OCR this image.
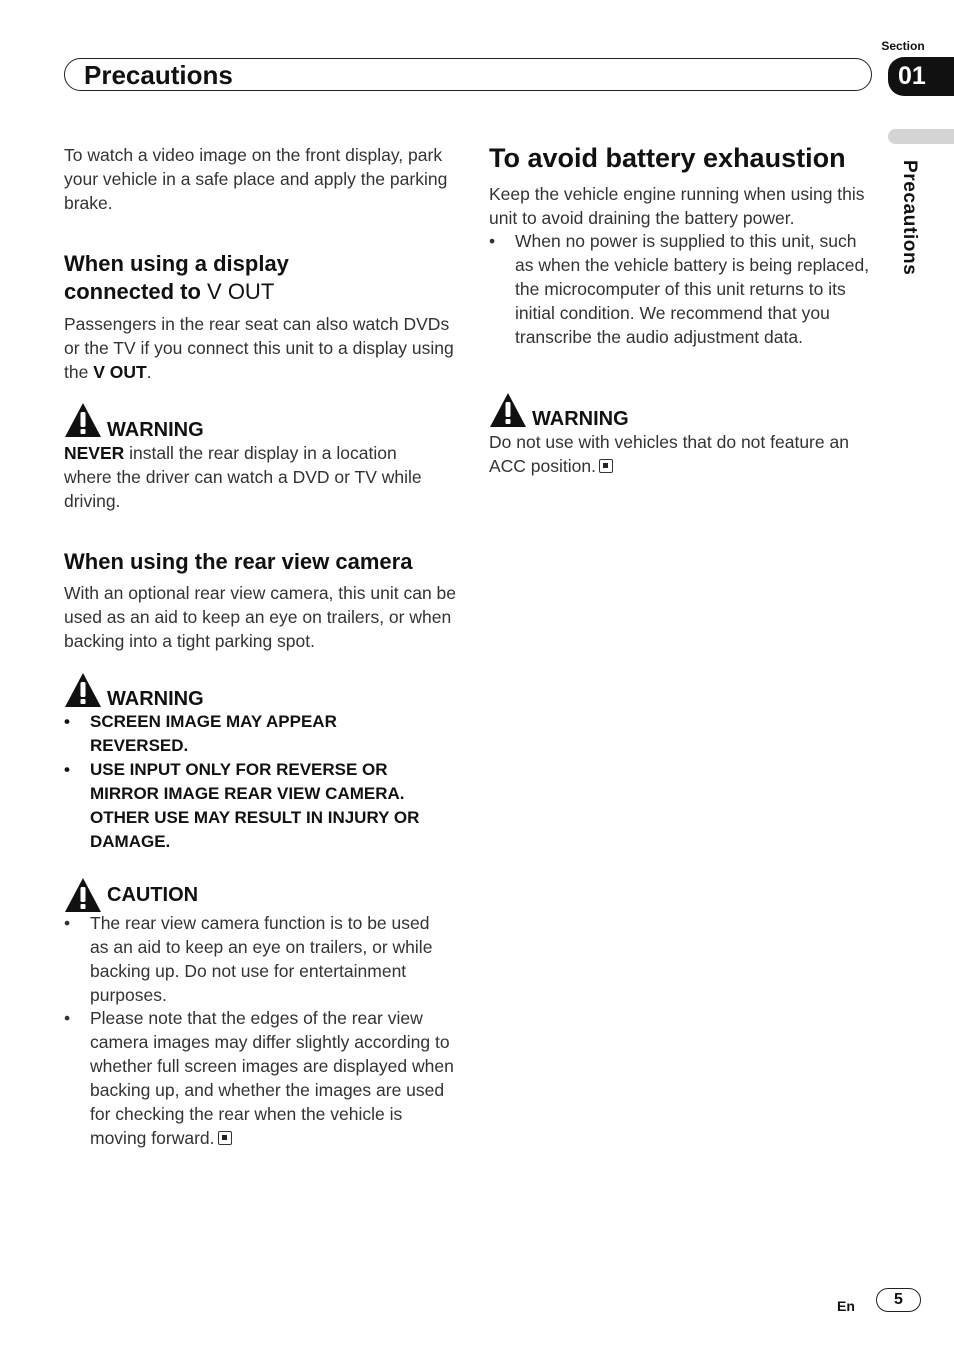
Section
Precautions	01
Precautions
To watch a video image on the front display, park your vehicle in a safe place and apply the parking brake.
When using a display
connected to V OUT
Passengers in the rear seat can also watch DVDs or the TV if you connect this unit to a display using the V OUT.
WARNING
NEVER install the rear display in a location where the driver can watch a DVD or TV while driving.
When using the rear view camera
With an optional rear view camera, this unit can be used as an aid to keep an eye on trailers, or when backing into a tight parking spot.
WARNING
• SCREEN IMAGE MAY APPEAR REVERSED.
• USE INPUT ONLY FOR REVERSE OR MIRROR IMAGE REAR VIEW CAMERA. OTHER USE MAY RESULT IN INJURY OR DAMAGE.
CAUTION
• The rear view camera function is to be used as an aid to keep an eye on trailers, or while backing up. Do not use for entertainment purposes.
• Please note that the edges of the rear view camera images may differ slightly according to whether full screen images are displayed when backing up, and whether the images are used for checking the rear when the vehicle is moving forward.
To avoid battery exhaustion
Keep the vehicle engine running when using this unit to avoid draining the battery power.
• When no power is supplied to this unit, such as when the vehicle battery is being replaced, the microcomputer of this unit returns to its initial condition. We recommend that you transcribe the audio adjustment data.
WARNING
Do not use with vehicles that do not feature an ACC position.
En	5
